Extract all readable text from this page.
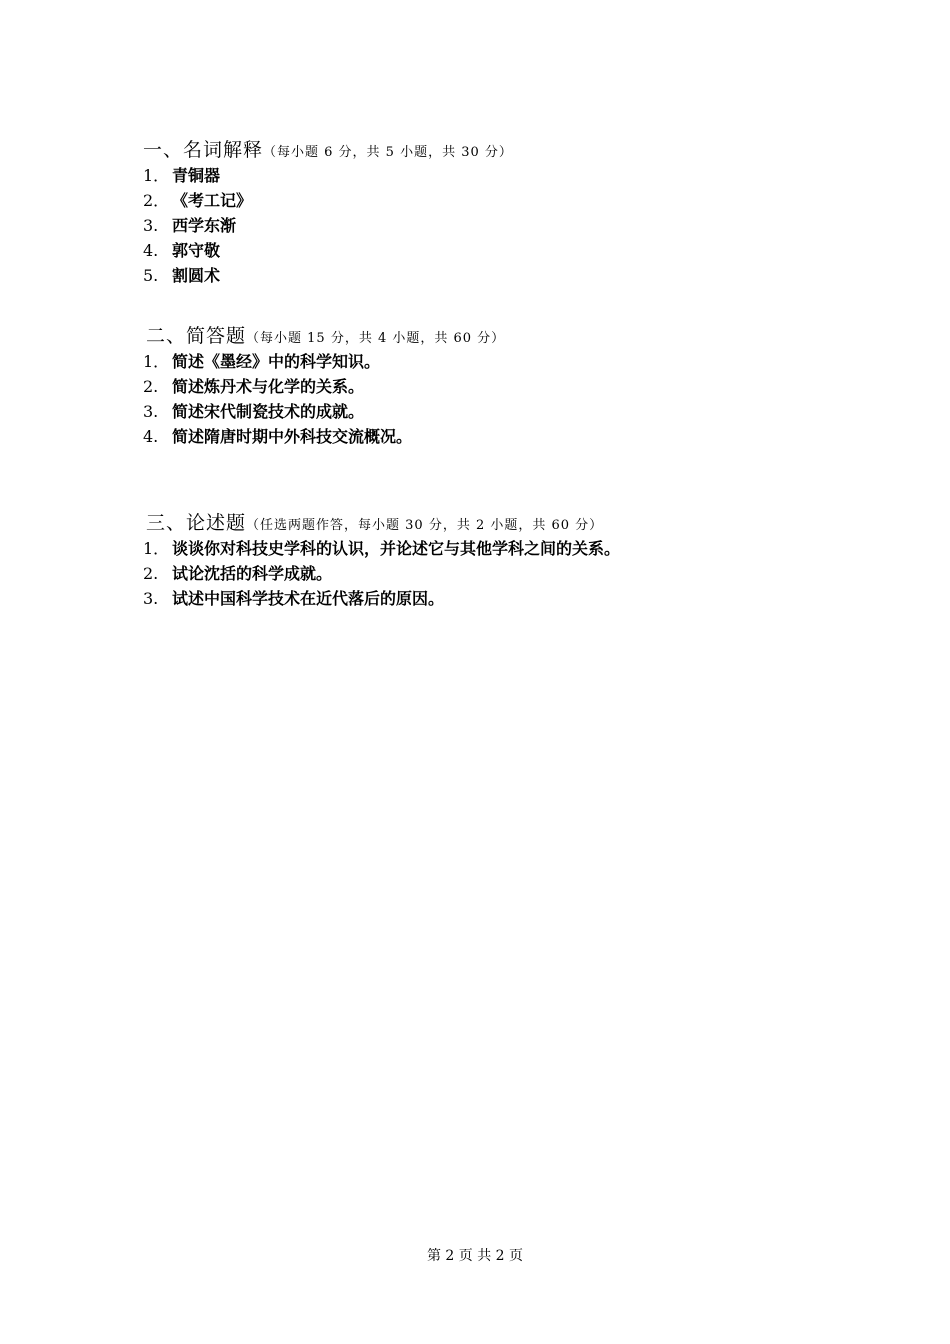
一、名词解释（每小题 6 分，共 5 小题，共 30 分）
1． 青铜器
2． 《考工记》
3. 西学东渐
4. 郭守敬
5. 割圆术
二、简答题（每小题 15 分，共 4 小题，共 60 分）
1． 简述《墨经》中的科学知识。
2. 简述炼丹术与化学的关系。
3. 简述宋代制瓷技术的成就。
4. 简述隋唐时期中外科技交流概况。
三、论述题（任选两题作答，每小题 30 分，共 2 小题，共 60 分）
1． 谈谈你对科技史学科的认识，并论述它与其他学科之间的关系。
2. 试论沈括的科学成就。
3. 试述中国科学技术在近代落后的原因。
第 2 页 共 2 页
